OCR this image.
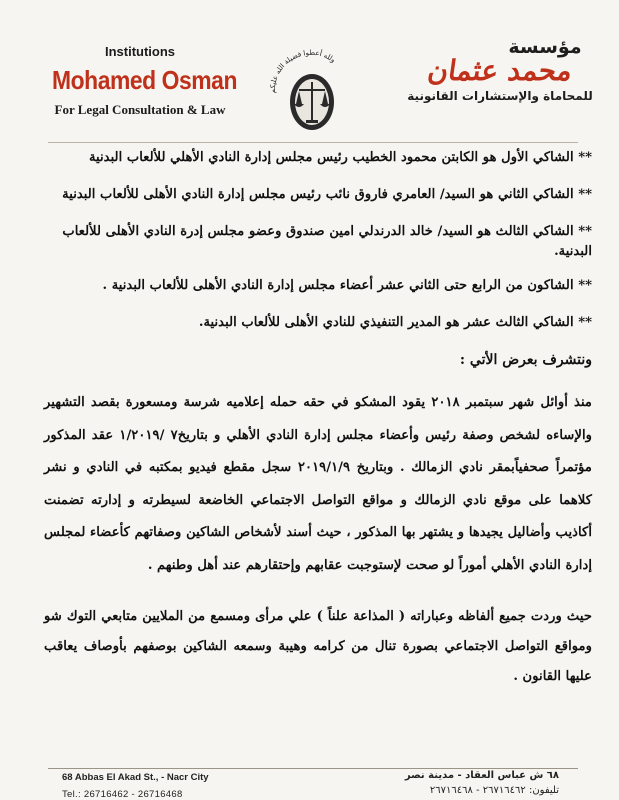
Institutions
Mohamed Osman
For Legal Consultation & Law
ولله أعطوا فضيلة الله عليكم
مؤسسة
محمد عثمان
للمحاماة والإستشارات القانونية
** الشاكي الأول هو الكابتن محمود الخطيب رئيس مجلس إدارة النادي الأهلي للألعاب البدنية
** الشاكي الثاني هو السيد/ العامري فاروق نائب رئيس مجلس إدارة النادي الأهلى للألعاب البدنية
** الشاكي الثالث هو السيد/ خالد الدرندلي امين صندوق وعضو مجلس إدرة النادي الأهلى للألعاب البدنية.
** الشاكون من الرابع حتى الثاني عشر أعضاء مجلس إدارة النادي الأهلى للألعاب البدنية .
** الشاكي الثالث عشر هو المدير التنفيذي للنادي الأهلى للألعاب البدنية.
ونتشرف بعرض الأتي :

منذ أوائل شهر سبتمبر ٢٠١٨ يقود المشكو في حقه حمله إعلاميه شرسة ومسعورة بقصد التشهير والإساءه لشخص وصفة رئيس وأعضاء مجلس إدارة النادي الأهلي و بتاريخ٧ /١/٢٠١٩ عقد المذكور مؤتمراً صحفياًبمقر نادي الزمالك . وبتاريخ ٢٠١٩/١/٩ سجل مقطع فيديو بمكتبه في النادي و نشر كلاهما على موقع نادي الزمالك و مواقع التواصل الاجتماعي الخاضعة لسيطرته و إدارته تضمنت أكاذيب وأضاليل يجيدها و يشتهر بها المذكور ، حيث أسند لأشخاص الشاكين وصفاتهم كأعضاء لمجلس إدارة النادي الأهلي أموراً لو صحت لإستوجبت عقابهم وإحتقارهم عند أهل وطنهم .

حيث وردت جميع ألفاظه وعباراته ( المذاعة علناً ) علي مرأى ومسمع من الملايين متابعي التوك شو ومواقع التواصل الاجتماعي بصورة تنال من كرامه وهيبة وسمعه الشاكين بوصفهم بأوصاف يعاقب عليها القانون .

68 Abbas El Akad St., - Nacr City
Tel.: 26716462 - 26716468
٦٨ ش عباس العقاد - مدينة نصر
تليفون: ٢٦٧١٦٤٦٢ - ٢٦٧١٦٤٦٨
